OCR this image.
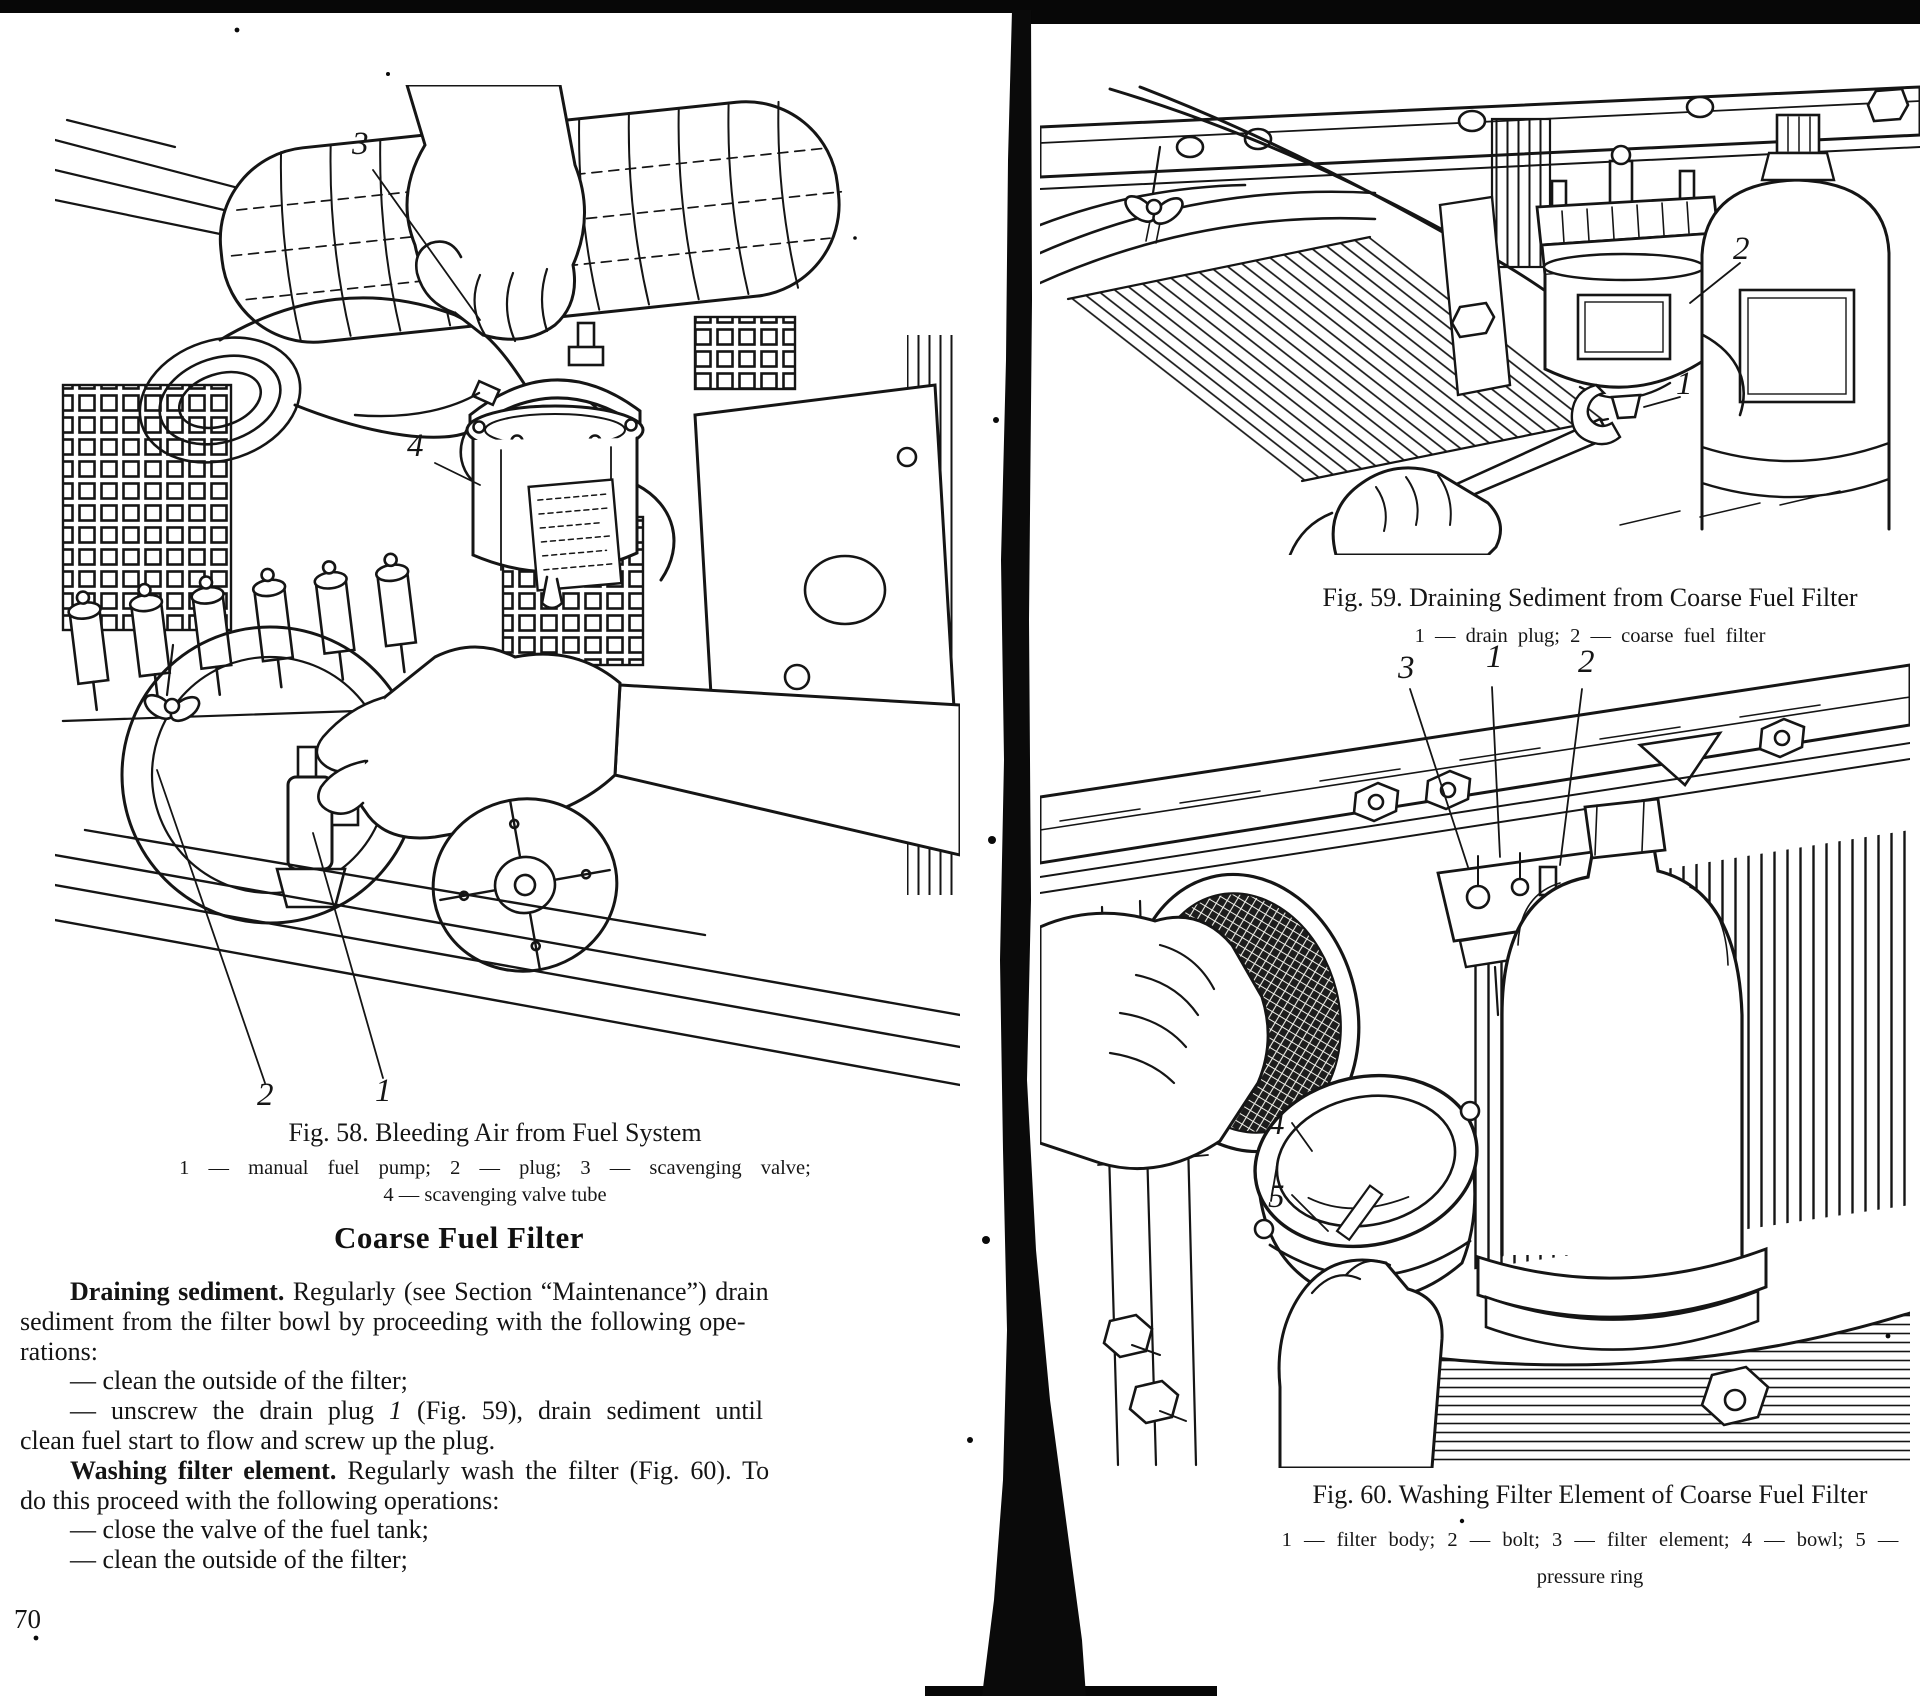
3
4
2	1
Fig. 58. Bleeding Air from Fuel System
1 — manual fuel pump; 2 — plug; 3 — scavenging valve;
4 — scavenging valve tube
Coarse Fuel Filter
Draining sediment. Regularly (see Section “Maintenance”) drain
sediment from the filter bowl by proceeding with the following ope-
rations:
— clean the outside of the filter;
— unscrew the drain plug 1 (Fig. 59), drain sediment until
clean fuel start to flow and screw up the plug.
Washing filter element. Regularly wash the filter (Fig. 60). To
do this proceed with the following operations:
— close the valve of the fuel tank;
— clean the outside of the filter;
70
2
1
Fig. 59. Draining Sediment from Coarse Fuel Filter
1 — drain plug; 2 — coarse fuel filter
3 1 2
4
5
Fig. 60. Washing Filter Element of Coarse Fuel Filter
1 — filter body; 2 — bolt; 3 — filter element; 4 — bowl; 5 —
pressure ring
